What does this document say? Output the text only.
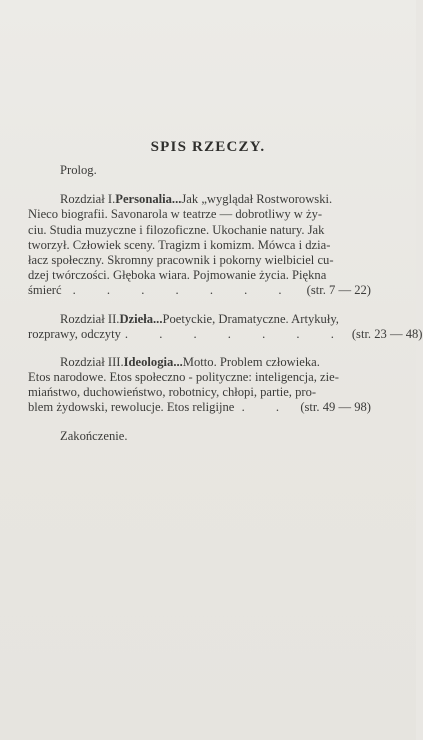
SPIS RZECZY.
Prolog.
Rozdział I. Personalia... Jak „wyglądał Rostworowski.
Nieco biografii. Savonarola w teatrze — dobrotliwy w ży-
ciu. Studia muzyczne i filozoficzne. Ukochanie natury. Jak
tworzył. Człowiek sceny. Tragizm i komizm. Mówca i dzia-
łacz społeczny. Skromny pracownik i pokorny wielbiciel cu-
dzej twórczości. Głęboka wiara. Pojmowanie życia. Piękna
śmierć . . . . . . . (str. 7 — 22)
Rozdział II. Dzieła... Poetyckie, Dramatyczne. Artykuły,
rozprawy, odczyty . . . . . . . (str. 23 — 48)
Rozdział III. Ideologia... Motto. Problem człowieka.
Etos narodowe. Etos społeczno - polityczne: inteligencja, zie-
miaństwo, duchowieństwo, robotnicy, chłopi, partie, pro-
blem żydowski, rewolucje. Etos religijne . . (str. 49 — 98)
Zakończenie.
